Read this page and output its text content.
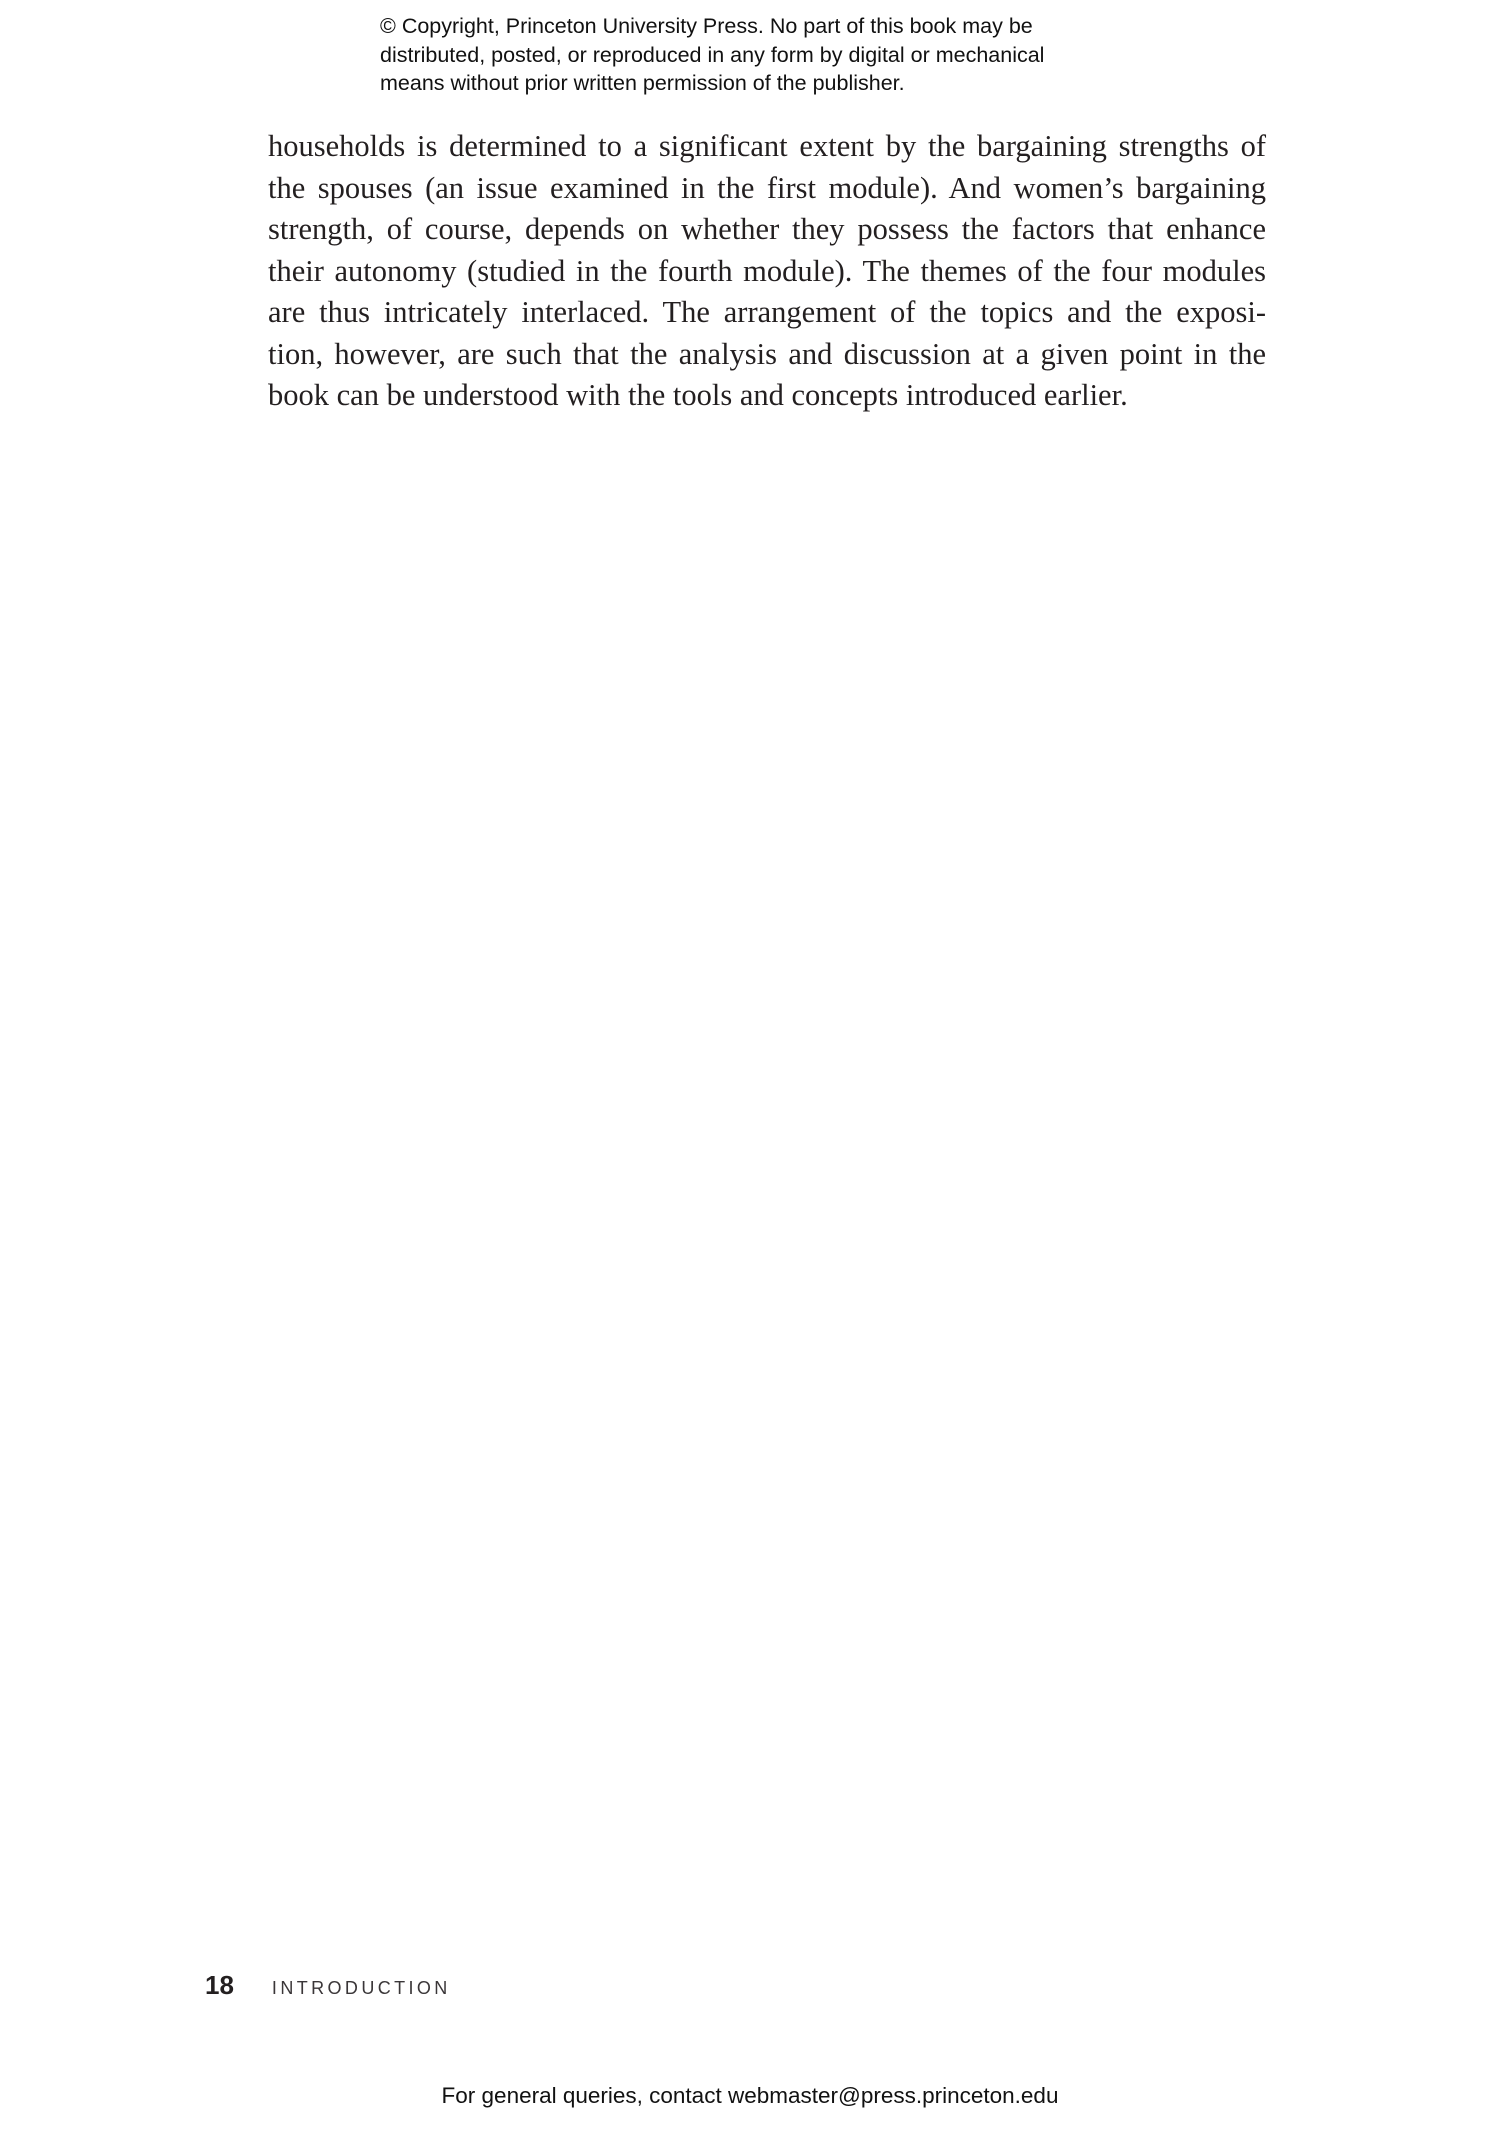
© Copyright, Princeton University Press. No part of this book may be
distributed, posted, or reproduced in any form by digital or mechanical
means without prior written permission of the publisher.
households is determined to a significant extent by the bargaining strengths of
the spouses (an issue examined in the first module). And women’s bargaining
strength, of course, depends on whether they possess the factors that enhance
their autonomy (studied in the fourth module). The themes of the four modules
are thus intricately interlaced. The arrangement of the topics and the exposi-
tion, however, are such that the analysis and discussion at a given point in the
book can be understood with the tools and concepts introduced earlier.
18 INTRODUCTION
For general queries, contact webmaster@press.princeton.edu
